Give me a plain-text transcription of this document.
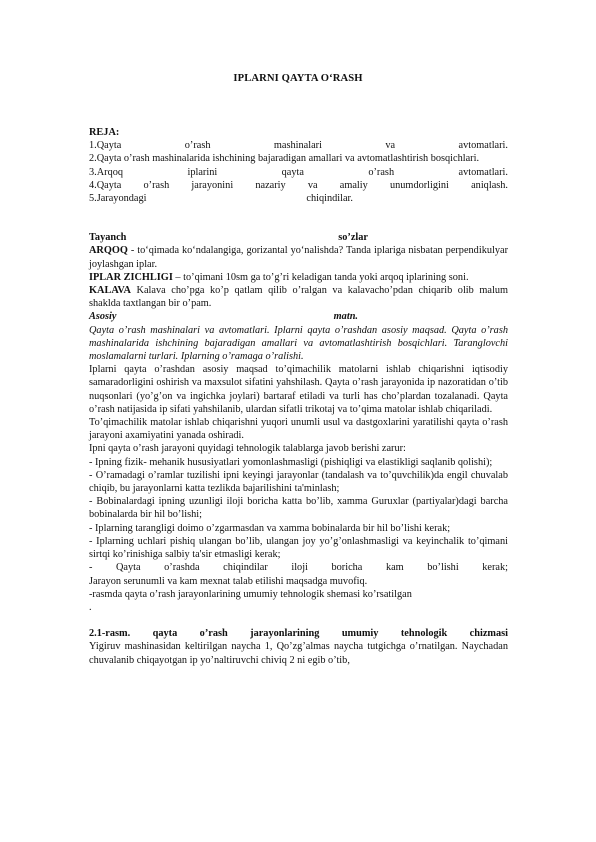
IPLARNI QAYTA O‘RASH

REJA:

1.Qayta o’rash mashinalari va avtomatlari.

2.Qayta o’rash mashinalarida ishchining bajaradigan amallari va avtomatlashtirish bosqichlari.

3.Arqoq iplarini qayta o’rash avtomatlari.

4.Qayta o’rash jarayonini nazariy va amaliy unumdorligini aniqlash.

5.Jarayondagi chiqindilar.

Tayanch	so’zlar

ARQOQ - to‘qimada ko‘ndalangiga, gorizantal yo‘nalishda? Tanda iplariga nisbatan perpendikulyar joylashgan iplar.

IPLAR ZICHLIGI – to’qimani 10sm ga to’g’ri keladigan tanda yoki arqoq iplarining soni.

KALAVA Kalava cho’pga ko’p qatlam qilib o’ralgan va kalavacho’pdan chiqarib olib malum shaklda taxtlangan bir o’pam.

Asosiy	matn.

Qayta o’rash mashinalari va avtomatlari. Iplarni qayta o’rashdan asosiy maqsad. Qayta o’rash mashinalarida ishchining bajaradigan amallari va avtomatlashtirish bosqichlari. Taranglovchi moslamalarni turlari. Iplarning o’ramaga o’ralishi.

Iplarni qayta o’rashdan asosiy maqsad to’qimachilik matolarni ishlab chiqarishni iqtisodiy samaradorligini oshirish va maxsulot sifatini yahshilash. Qayta o’rash jarayonida ip nazoratidan o’tib nuqsonlari (yo’g’on va ingichka joylari) bartaraf etiladi va turli has cho’plardan tozalanadi. Qayta o’rash natijasida ip sifati yahshilanib, ulardan sifatli trikotaj va to’qima matolar ishlab chiqariladi.

To’qimachilik matolar ishlab chiqarishni yuqori unumli usul va dastgoxlarini yaratilishi qayta o’rash jarayoni axamiyatini yanada oshiradi.

Ipni qayta o’rash jarayoni quyidagi tehnologik talablarga javob berishi zarur:

- Ipning fizik- mehanik hususiyatlari yomonlashmasligi (pishiqligi va elastikligi saqlanib qolishi);

- O’ramadagi o’ramlar tuzilishi ipni keyingi jarayonlar (tandalash va to’quvchilik)da engil chuvalab chiqib, bu jarayonlarni katta tezlikda bajarilishini ta'minlash;

- Bobinalardagi ipning uzunligi iloji boricha katta bo’lib, xamma Guruxlar (partiyalar)dagi barcha bobinalarda bir hil bo’lishi;

- Iplarning tarangligi doimo o’zgarmasdan va xamma bobinalarda bir hil bo’lishi kerak;

- Iplarning uchlari pishiq ulangan bo’lib, ulangan joy yo’g’onlashmasligi va keyinchalik to’qimani sirtqi ko’rinishiga salbiy ta'sir etmasligi kerak;

- Qayta o’rashda chiqindilar iloji boricha kam bo’lishi kerak;

Jarayon serunumli va kam mexnat talab etilishi maqsadga muvofiq.

-rasmda qayta o’rash jarayonlarining umumiy tehnologik shemasi ko’rsatilgan

.

2.1-rasm. qayta o’rash jarayonlarining umumiy tehnologik chizmasi

Yigiruv mashinasidan keltirilgan naycha 1, Qo’zg’almas naycha tutgichga o’rnatilgan. Naychadan chuvalanib chiqayotgan ip yo’naltiruvchi chiviq 2 ni egib o’tib,
